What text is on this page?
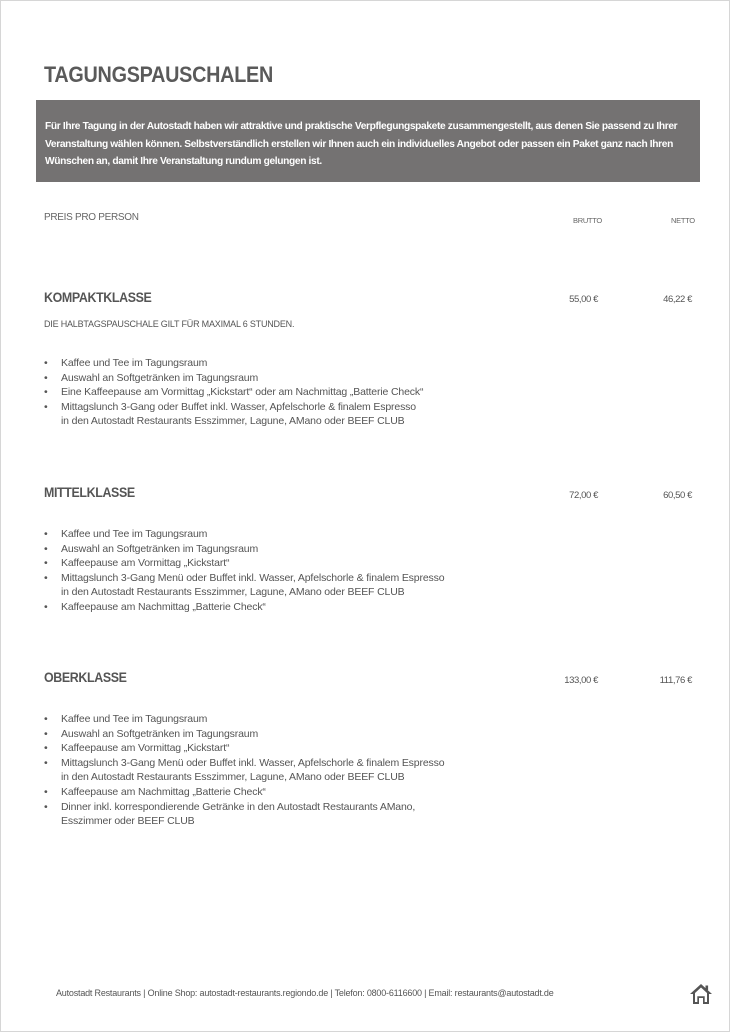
TAGUNGSPAUSCHALEN

Für Ihre Tagung in der Autostadt haben wir attraktive und praktische Verpflegungspakete zusammengestellt, aus denen Sie passend zu Ihrer Veranstaltung wählen können. Selbstverständlich erstellen wir Ihnen auch ein individuelles Angebot oder passen ein Paket ganz nach Ihren Wünschen an, damit Ihre Veranstaltung rundum gelungen ist.

PREIS PRO PERSON	BRUTTO	NETTO
KOMPAKTKLASSE	55,00 €	46,22 €
DIE HALBTAGSPAUSCHALE GILT FÜR MAXIMAL 6 STUNDEN.
• Kaffee und Tee im Tagungsraum
• Auswahl an Softgetränken im Tagungsraum
• Eine Kaffeepause am Vormittag „Kickstart“ oder am Nachmittag „Batterie Check“
• Mittagslunch 3-Gang oder Buffet inkl. Wasser, Apfelschorle & finalem Espresso
in den Autostadt Restaurants Esszimmer, Lagune, AMano oder BEEF CLUB
MITTELKLASSE	72,00 €	60,50 €
• Kaffee und Tee im Tagungsraum
• Auswahl an Softgetränken im Tagungsraum
• Kaffeepause am Vormittag „Kickstart“
• Mittagslunch 3-Gang Menü oder Buffet inkl. Wasser, Apfelschorle & finalem Espresso
in den Autostadt Restaurants Esszimmer, Lagune, AMano oder BEEF CLUB
• Kaffeepause am Nachmittag „Batterie Check“
OBERKLASSE	133,00 €	111,76 €
• Kaffee und Tee im Tagungsraum
• Auswahl an Softgetränken im Tagungsraum
• Kaffeepause am Vormittag „Kickstart“
• Mittagslunch 3-Gang Menü oder Buffet inkl. Wasser, Apfelschorle & finalem Espresso
in den Autostadt Restaurants Esszimmer, Lagune, AMano oder BEEF CLUB
• Kaffeepause am Nachmittag „Batterie Check“
• Dinner inkl. korrespondierende Getränke in den Autostadt Restaurants AMano,
Esszimmer oder BEEF CLUB
Autostadt Restaurants | Online Shop: autostadt-restaurants.regiondo.de | Telefon: 0800-6116600 | Email: restaurants@autostadt.de
